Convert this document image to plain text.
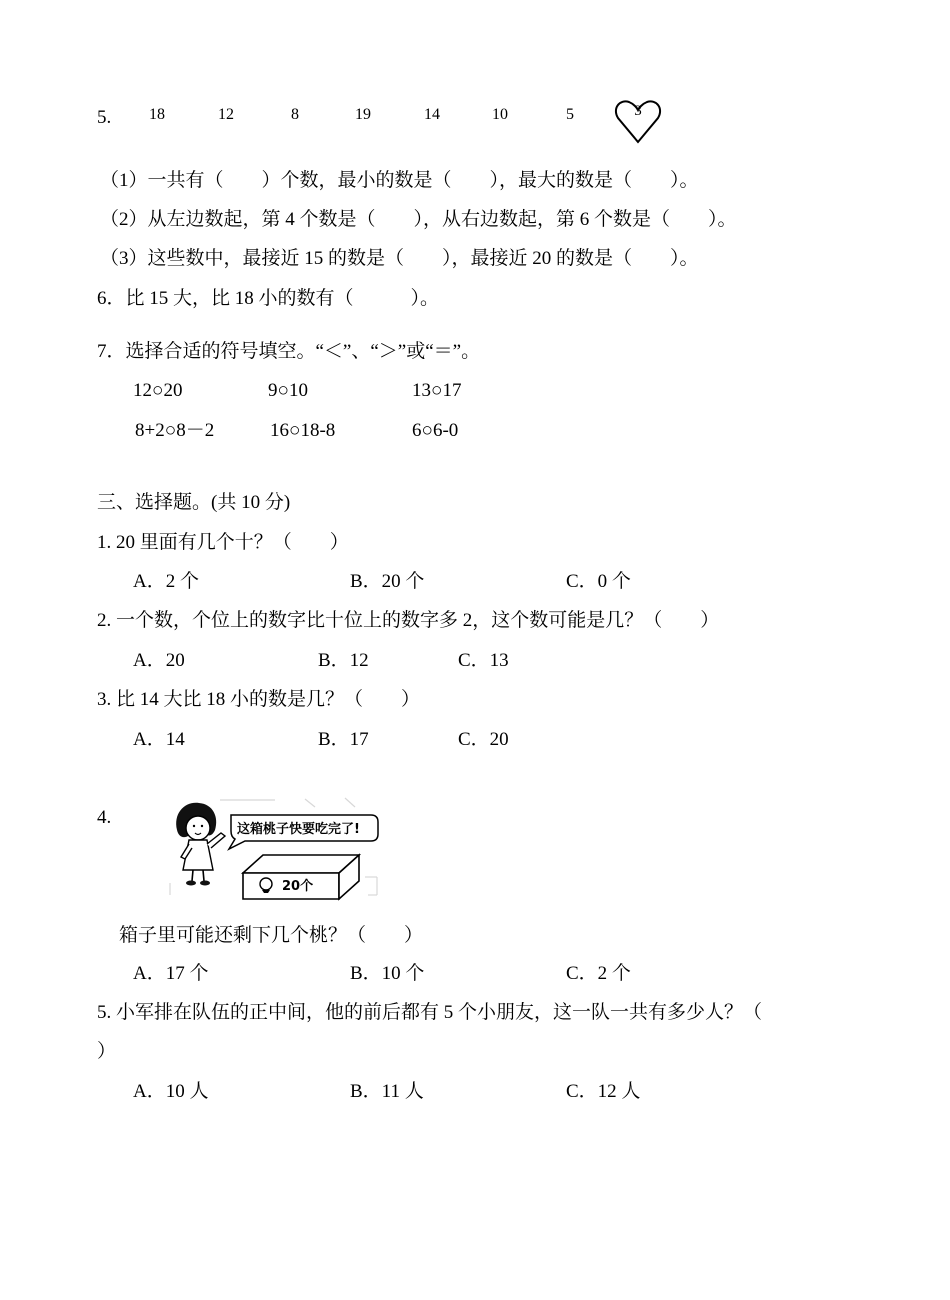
5. 18	12	8	19	14	10	5	3
（1）一共有（　　）个数，最小的数是（　　），最大的数是（　　）。
（2）从左边数起，第 4 个数是（　　），从右边数起，第 6 个数是（　　）。
（3）这些数中，最接近 15 的数是（　　），最接近 20 的数是（　　）。
6．比 15 大，比 18 小的数有（　　　）。
7．选择合适的符号填空。“＜”、“＞”或“＝”。
12○20	9○10	13○17
8+2○8－2	16○18-8	6○6-0
三、选择题。(共 10 分)
1. 20 里面有几个十？（　　）
A．2 个	B．20 个	C．0 个
2. 一个数，个位上的数字比十位上的数字多 2，这个数可能是几？（　　）
A．20	B．12	C．13
3. 比 14 大比 18 小的数是几？（　　）
A．14	B．17	C．20
4.
这箱桃子快要吃完了!
20个
箱子里可能还剩下几个桃？（　　）
A．17 个	B．10 个	C．2 个
5. 小军排在队伍的正中间，他的前后都有 5 个小朋友，这一队一共有多少人？（
）
A．10 人	B．11 人	C．12 人
